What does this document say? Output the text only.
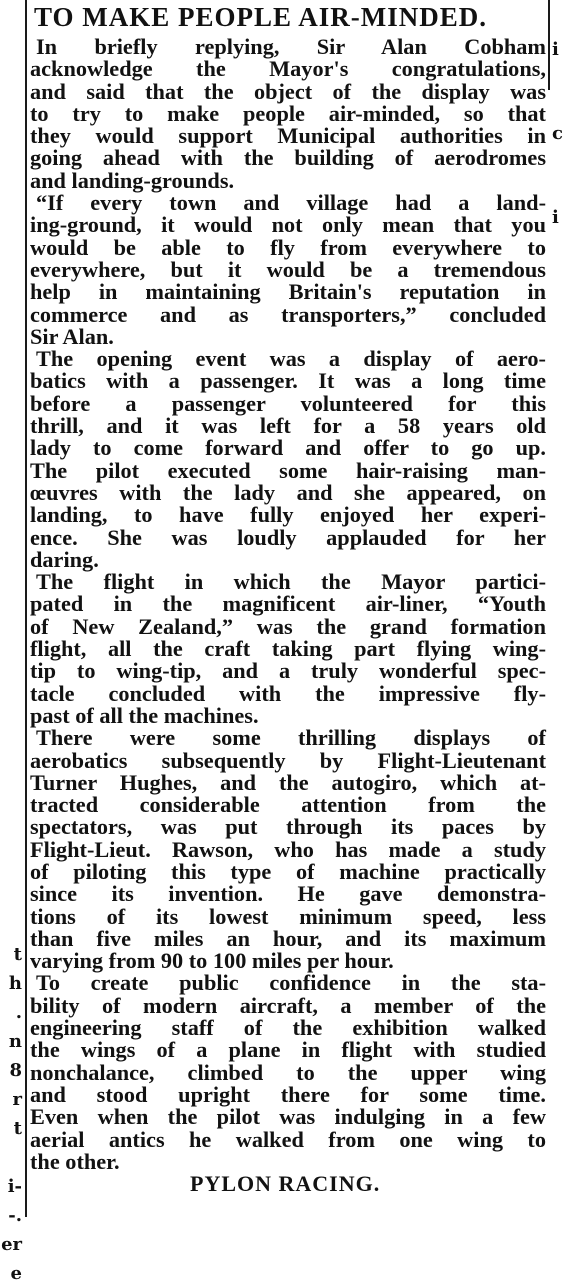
t
h
.
n
8
r
t
i-
-.
er
e
i
c
i
TO MAKE PEOPLE AIR-MINDED.
In briefly replying, Sir Alan Cobham
acknowledge the Mayor's congratulations,
and said that the object of the display was
to try to make people air-minded, so that
they would support Municipal authorities in
going ahead with the building of aerodromes
and landing-grounds.
“If every town and village had a land-
ing-ground, it would not only mean that you
would be able to fly from everywhere to
everywhere, but it would be a tremendous
help in maintaining Britain's reputation in
commerce and as transporters,” concluded
Sir Alan.
The opening event was a display of aero-
batics with a passenger. It was a long time
before a passenger volunteered for this
thrill, and it was left for a 58 years old
lady to come forward and offer to go up.
The pilot executed some hair-raising man-
œuvres with the lady and she appeared, on
landing, to have fully enjoyed her experi-
ence. She was loudly applauded for her
daring.
The flight in which the Mayor partici-
pated in the magnificent air-liner, “Youth
of New Zealand,” was the grand formation
flight, all the craft taking part flying wing-
tip to wing-tip, and a truly wonderful spec-
tacle concluded with the impressive fly-
past of all the machines.
There were some thrilling displays of
aerobatics subsequently by Flight-Lieutenant
Turner Hughes, and the autogiro, which at-
tracted considerable attention from the
spectators, was put through its paces by
Flight-Lieut. Rawson, who has made a study
of piloting this type of machine practically
since its invention. He gave demonstra-
tions of its lowest minimum speed, less
than five miles an hour, and its maximum
varying from 90 to 100 miles per hour.
To create public confidence in the sta-
bility of modern aircraft, a member of the
engineering staff of the exhibition walked
the wings of a plane in flight with studied
nonchalance, climbed to the upper wing
and stood upright there for some time.
Even when the pilot was indulging in a few
aerial antics he walked from one wing to
the other.
PYLON RACING.
